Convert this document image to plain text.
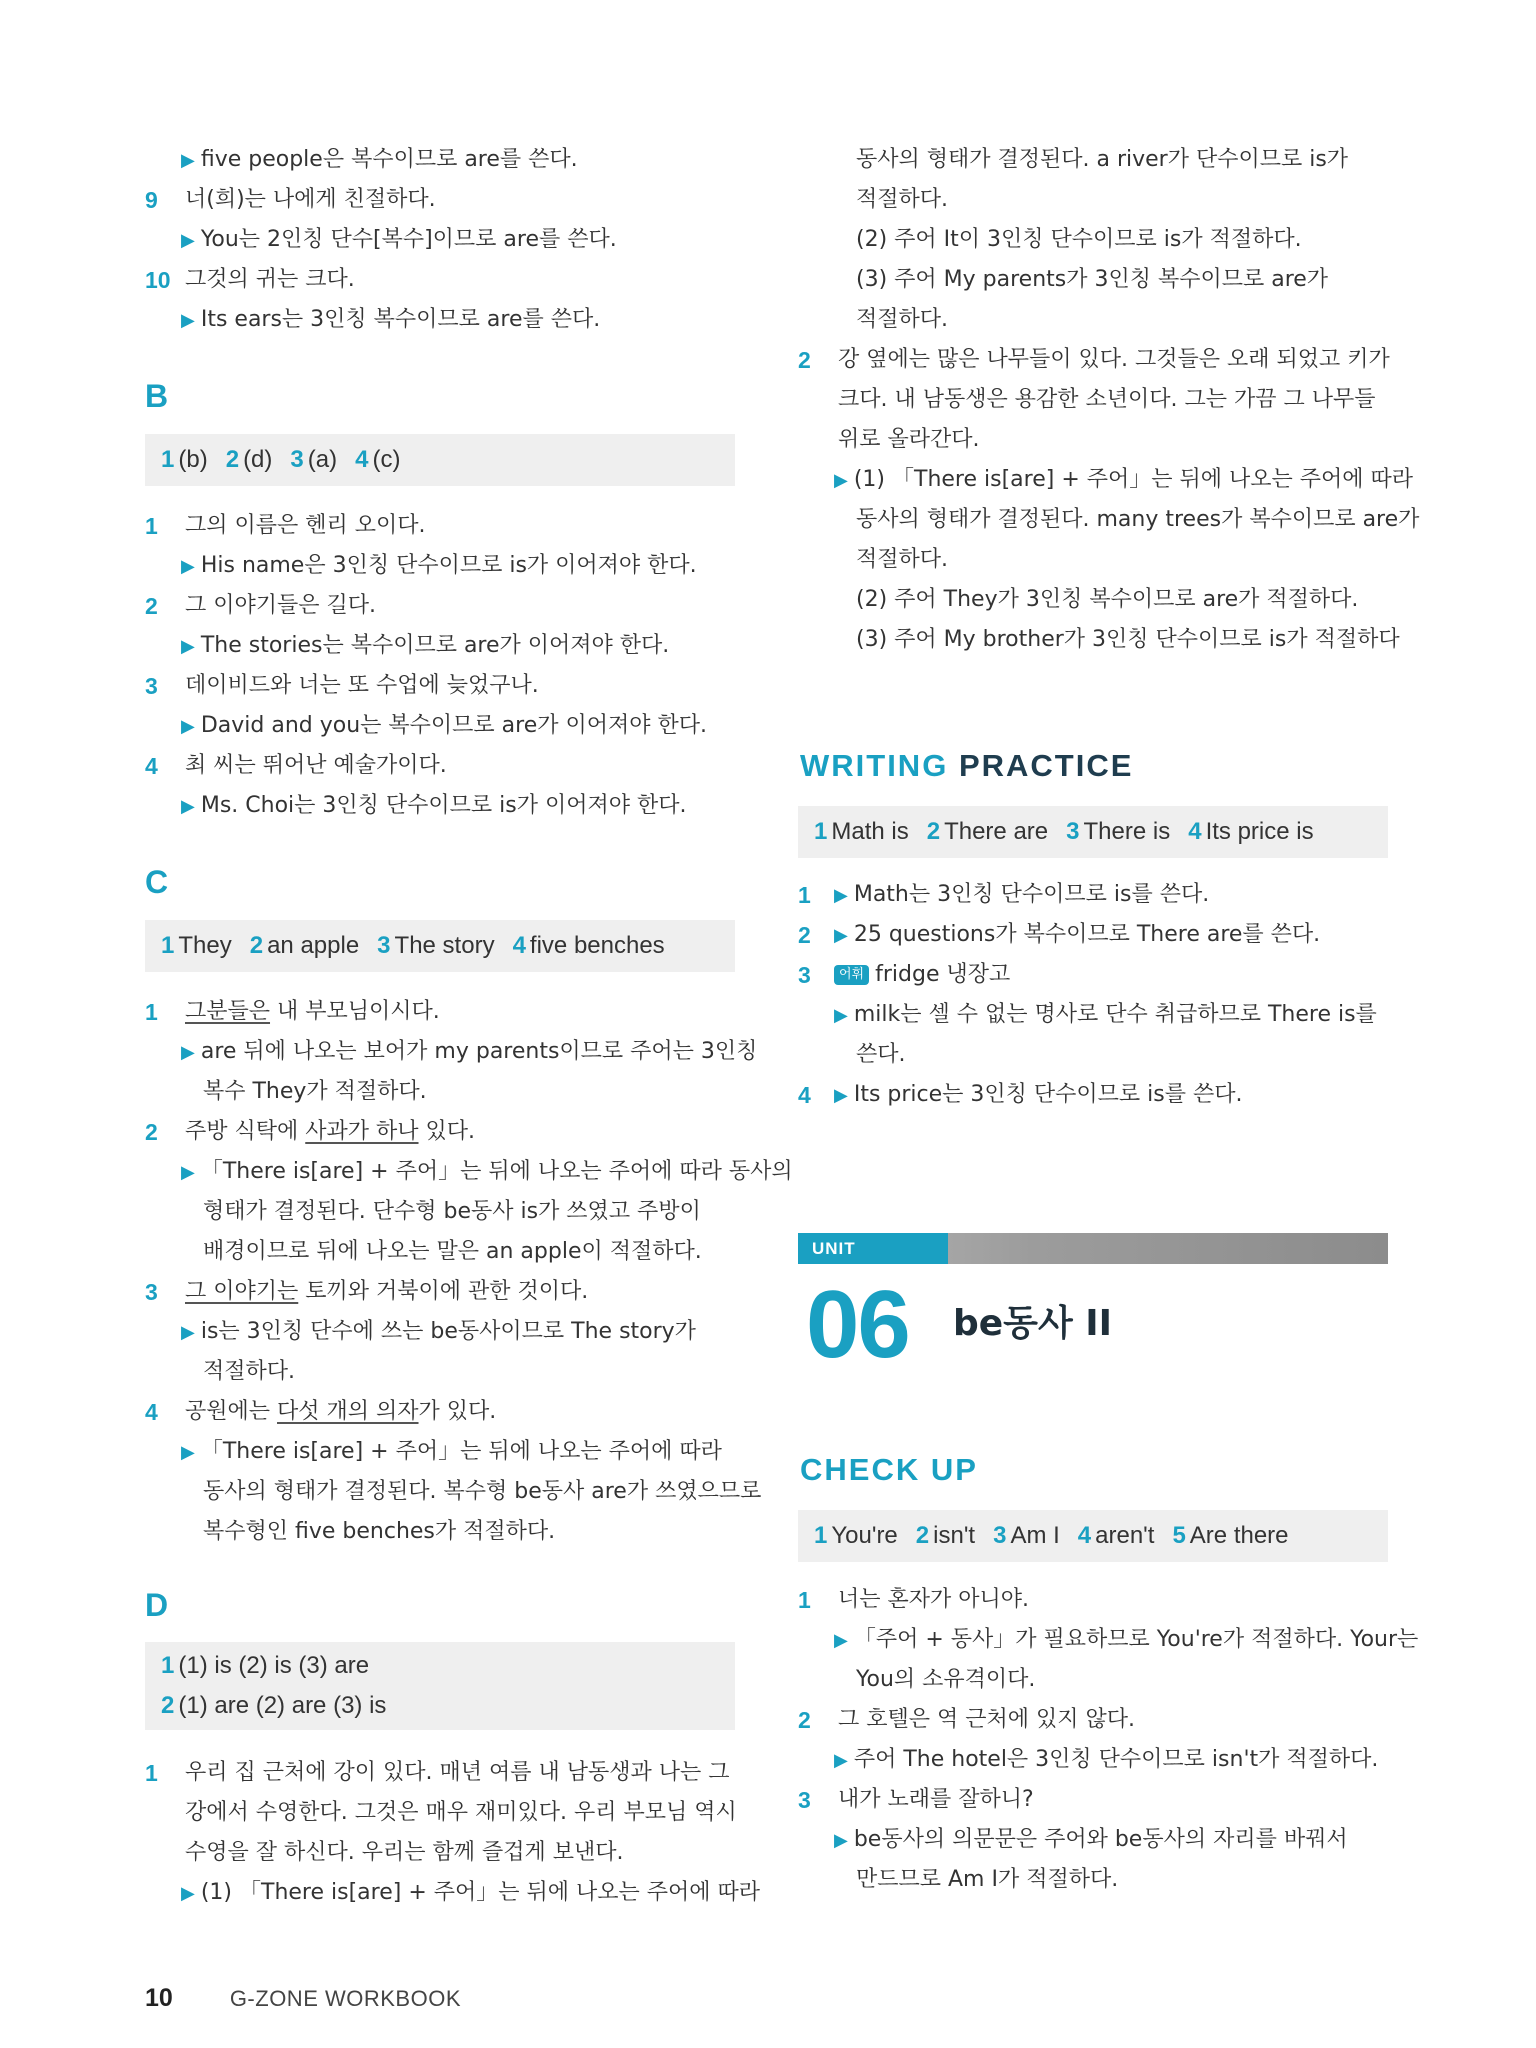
▶ five people은 복수이므로 are를 쓴다.
9 너(희)는 나에게 친절하다.
▶ You는 2인칭 단수[복수]이므로 are를 쓴다.
10 그것의 귀는 크다.
▶ Its ears는 3인칭 복수이므로 are를 쓴다.
B
1 (b) 2 (d) 3 (a) 4 (c)
1 그의 이름은 헨리 오이다.
▶ His name은 3인칭 단수이므로 is가 이어져야 한다.
2 그 이야기들은 길다.
▶ The stories는 복수이므로 are가 이어져야 한다.
3 데이비드와 너는 또 수업에 늦었구나.
▶ David and you는 복수이므로 are가 이어져야 한다.
4 최 씨는 뛰어난 예술가이다.
▶ Ms. Choi는 3인칭 단수이므로 is가 이어져야 한다.
C
1 They 2 an apple 3 The story 4 five benches
1 그분들은 내 부모님이시다.
▶ are 뒤에 나오는 보어가 my parents이므로 주어는 3인칭
복수 They가 적절하다.
2 주방 식탁에 사과가 하나 있다.
▶ 「There is[are] + 주어」는 뒤에 나오는 주어에 따라 동사의
형태가 결정된다. 단수형 be동사 is가 쓰였고 주방이
배경이므로 뒤에 나오는 말은 an apple이 적절하다.
3 그 이야기는 토끼와 거북이에 관한 것이다.
▶ is는 3인칭 단수에 쓰는 be동사이므로 The story가
적절하다.
4 공원에는 다섯 개의 의자가 있다.
▶ 「There is[are] + 주어」는 뒤에 나오는 주어에 따라
동사의 형태가 결정된다. 복수형 be동사 are가 쓰였으므로
복수형인 five benches가 적절하다.
D
1 (1) is (2) is (3) are
2 (1) are (2) are (3) is
1 우리 집 근처에 강이 있다. 매년 여름 내 남동생과 나는 그
강에서 수영한다. 그것은 매우 재미있다. 우리 부모님 역시
수영을 잘 하신다. 우리는 함께 즐겁게 보낸다.
▶ (1) 「There is[are] + 주어」는 뒤에 나오는 주어에 따라
동사의 형태가 결정된다. a river가 단수이므로 is가
적절하다.
(2) 주어 It이 3인칭 단수이므로 is가 적절하다.
(3) 주어 My parents가 3인칭 복수이므로 are가
적절하다.
2 강 옆에는 많은 나무들이 있다. 그것들은 오래 되었고 키가
크다. 내 남동생은 용감한 소년이다. 그는 가끔 그 나무들
위로 올라간다.
▶ (1) 「There is[are] + 주어」는 뒤에 나오는 주어에 따라
동사의 형태가 결정된다. many trees가 복수이므로 are가
적절하다.
(2) 주어 They가 3인칭 복수이므로 are가 적절하다.
(3) 주어 My brother가 3인칭 단수이므로 is가 적절하다
WRITING PRACTICE
1 Math is 2 There are 3 There is 4 Its price is
1 ▶ Math는 3인칭 단수이므로 is를 쓴다.
2 ▶ 25 questions가 복수이므로 There are를 쓴다.
3	어휘 fridge 냉장고
▶ milk는 셀 수 없는 명사로 단수 취급하므로 There is를
쓴다.
4 ▶ Its price는 3인칭 단수이므로 is를 쓴다.
UNIT
06 be동사 II
CHECK UP
1 You're 2 isn't 3 Am I 4 aren't 5 Are there
1 너는 혼자가 아니야.
▶ 「주어 + 동사」가 필요하므로 You're가 적절하다. Your는
You의 소유격이다.
2 그 호텔은 역 근처에 있지 않다.
▶ 주어 The hotel은 3인칭 단수이므로 isn't가 적절하다.
3 내가 노래를 잘하니?
▶ be동사의 의문문은 주어와 be동사의 자리를 바꿔서
만드므로 Am I가 적절하다.
10	G-ZONE WORKBOOK
